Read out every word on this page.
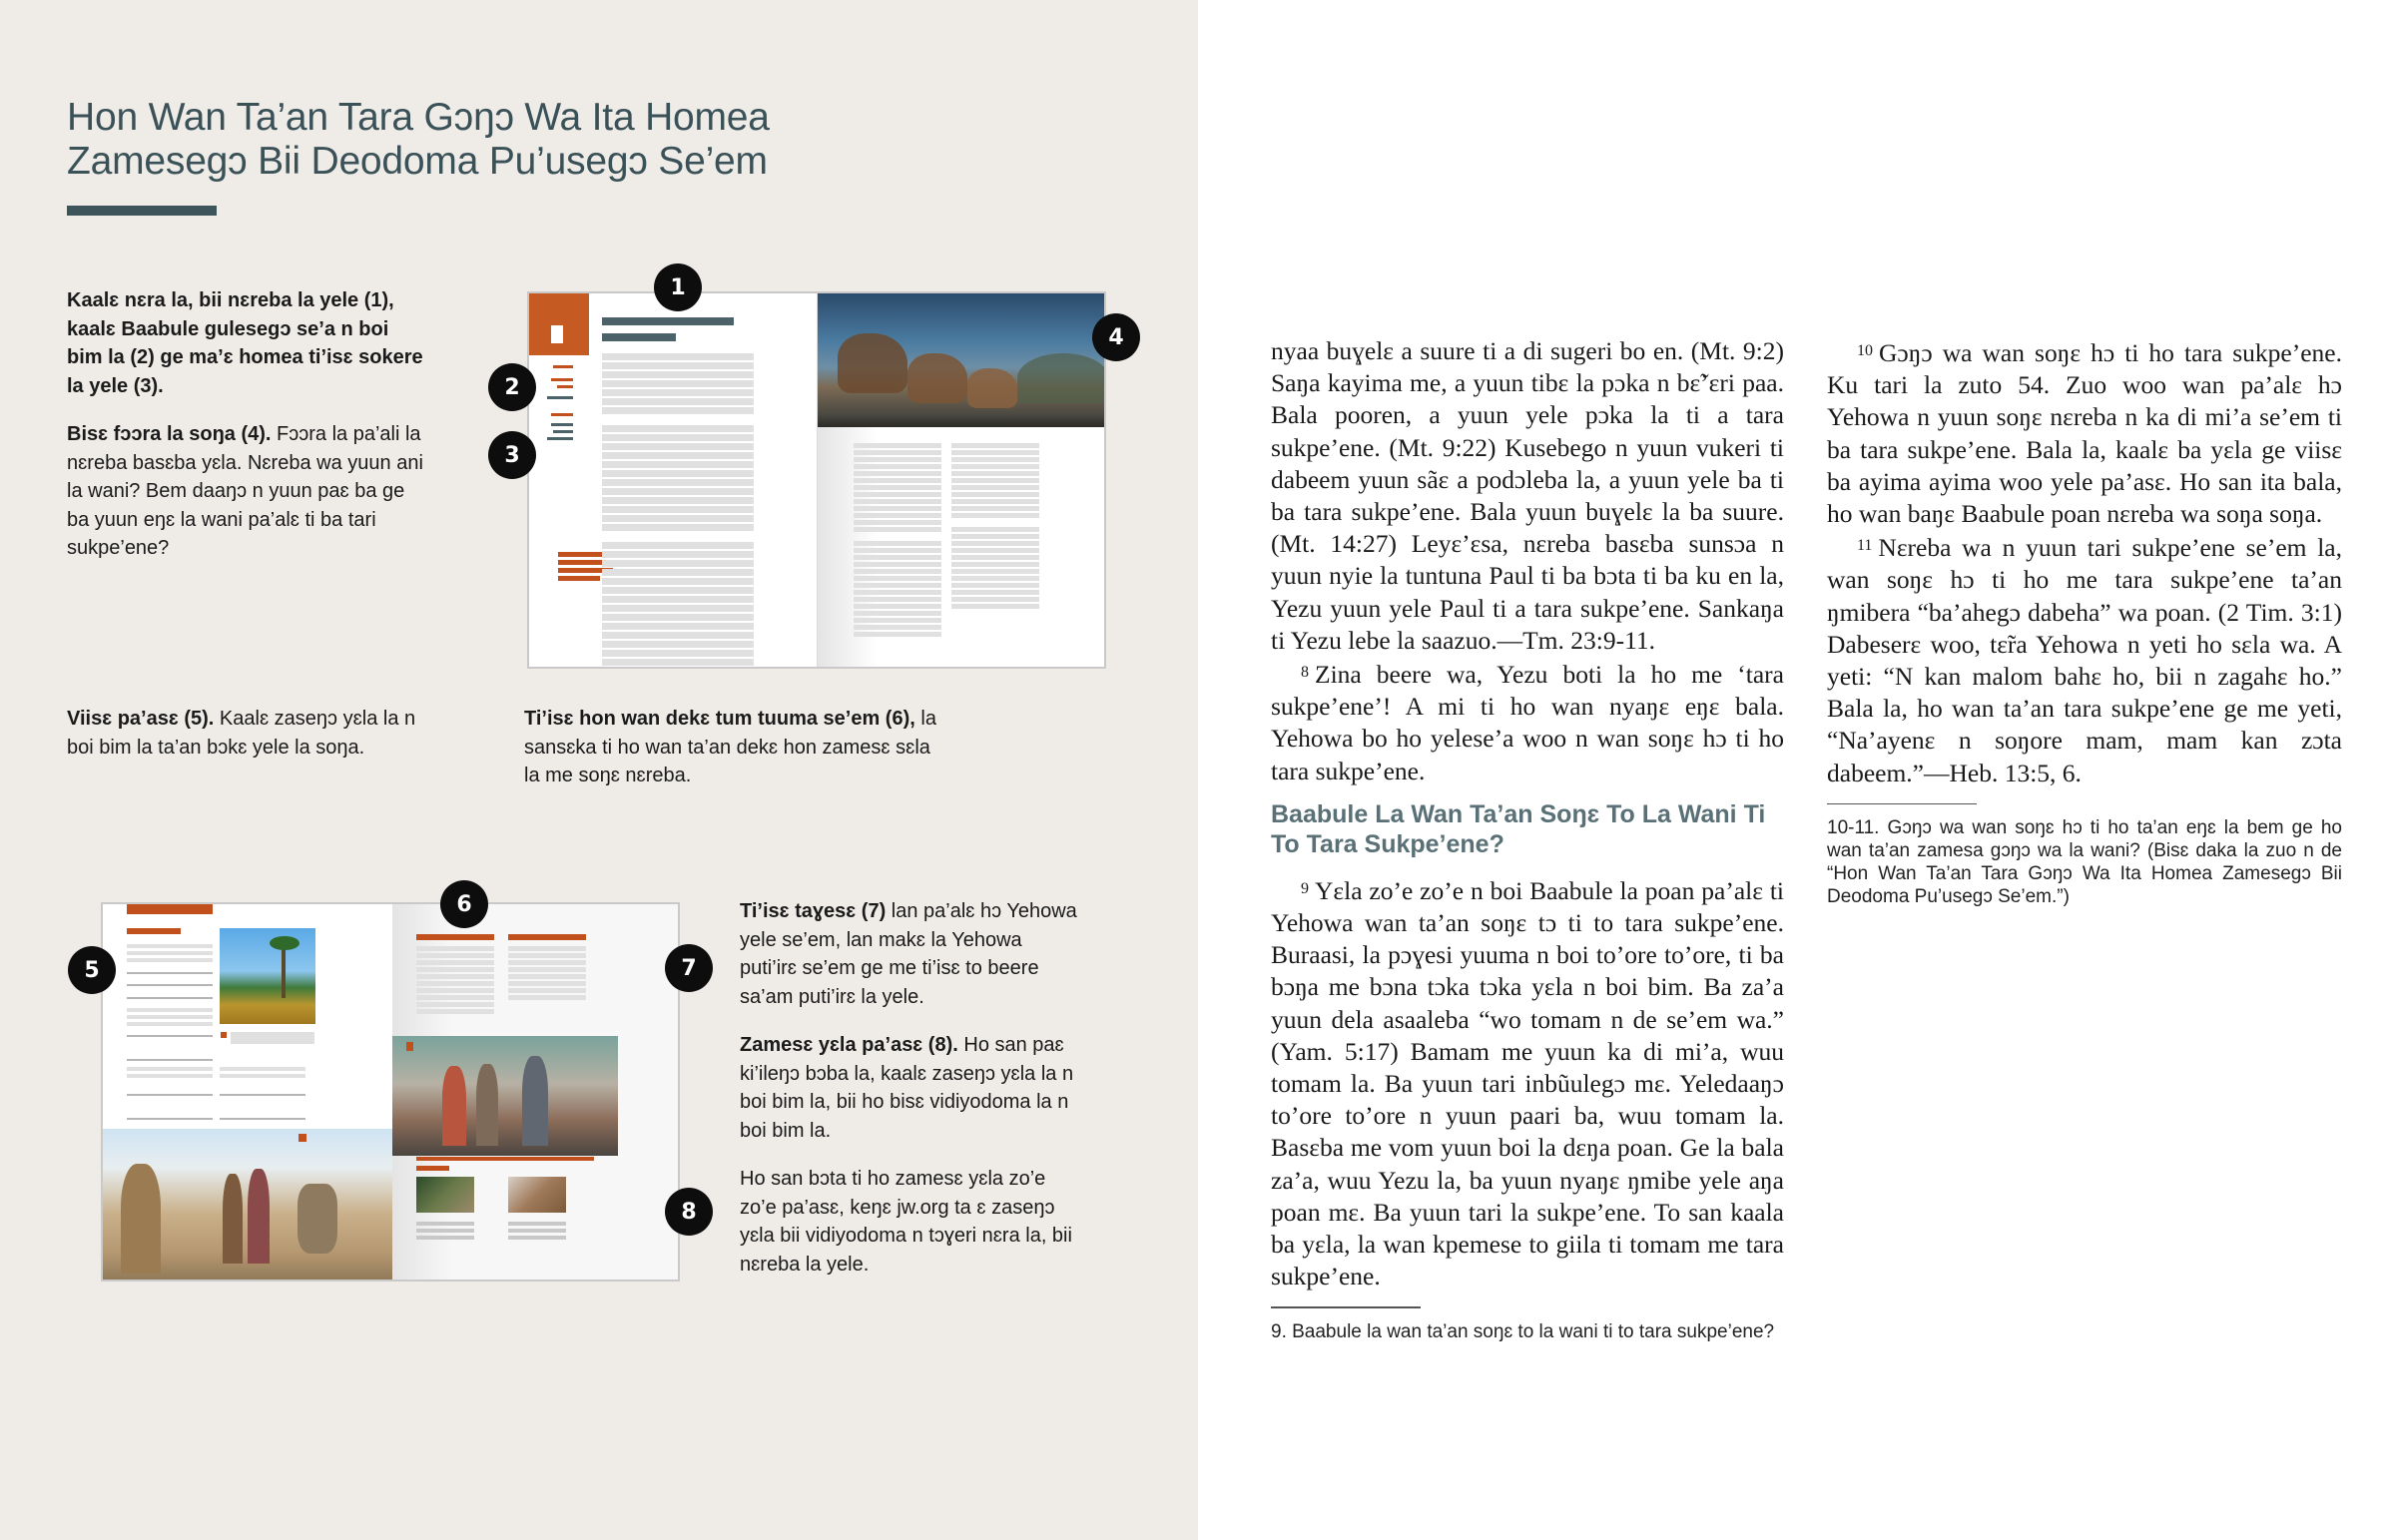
Hon Wan Ta’an Tara Gɔŋɔ Wa Ita Homea
Zamesegɔ Bii Deodoma Pu’usegɔ Se’em

Kaalɛ nɛra la, bii nɛreba la yele (1), kaalɛ Baabule gulesegɔ se’a n boi bim la (2) ge ma’ɛ homea ti’isɛ sokere la yele (3).

Bisɛ fɔɔra la soŋa (4). Fɔɔra la pa’ali la nɛreba basɛba yɛla. Nɛreba wa yuun ani la wani? Bem daaŋɔ n yuun paɛ ba ge ba yuun eŋɛ la wani pa’alɛ ti ba tari sukpe’ene?

1
2
3
4

Viisɛ pa’asɛ (5). Kaalɛ zaseŋɔ yɛla la n boi bim la ta’an bɔkɛ yele la soŋa.

Ti’isɛ hon wan dekɛ tum tuuma se’em (6), la sansɛka ti ho wan ta’an dekɛ hon zamesɛ sɛla la me soŋɛ nɛreba.

5
6
7
8

Ti’isɛ taɣesɛ (7) lan pa’alɛ hɔ Yehowa yele se’em, lan makɛ la Yehowa puti’irɛ se’em ge me ti’isɛ to beere sa’am puti’irɛ la yele.

Zamesɛ yɛla pa’asɛ (8). Ho san paɛ ki’ileŋɔ bɔba la, kaalɛ zaseŋɔ yɛla la n boi bim la, bii ho bisɛ vidiyodoma la n boi bim la.

Ho san bɔta ti ho zamesɛ yɛla zo’e zo’e pa’asɛ, keŋɛ jw.org ta ɛ zaseŋɔ yɛla bii vidiyodoma n tɔɣeri nɛra la, bii nɛreba la yele.

nyaa buɣelɛ a suure ti a di sugeri bo en. (Mt. 9:2) Saŋa kayima me, a yuun tibɛ la pɔka n bɛ̃’ɛri paa. Bala pooren, a yuun yele pɔka la ti a tara sukpe’ene. (Mt. 9:22) Kusebego n yuun vukeri ti dabeem yuun sãɛ a podɔleba la, a yuun yele ba ti ba tara sukpe’ene. Bala yuun buɣelɛ la ba suure. (Mt. 14:27) Leyɛ’ɛsa, nɛreba basɛba sunsɔa n yuun nyie la tuntuna Paul ti ba bɔta ti ba ku en la, Yezu yuun yele Paul ti a tara sukpe’ene. Sankaŋa ti Yezu lebe la saazuo.—Tm. 23:9-11.

$^8$ Zina beere wa, Yezu boti la ho me ‘tara sukpe’ene’! A mi ti ho wan nyaŋɛ eŋɛ bala. Yehowa bo ho yelese’a woo n wan soŋɛ hɔ ti ho tara sukpe’ene.

Baabule La Wan Ta’an Soŋɛ To La Wani Ti To Tara Sukpe’ene?

$^9$ Yɛla zo’e zo’e n boi Baabule la poan pa’alɛ ti Yehowa wan ta’an soŋɛ tɔ ti to tara sukpe’ene. Buraasi, la pɔɣesi yuuma n boi to’ore to’ore, ti ba bɔŋa me bɔna tɔka tɔka yɛla n boi bim. Ba za’a yuun dela asaaleba “wo tomam n de se’em wa.” (Yam. 5:17) Bamam me yuun ka di mi’a, wuu tomam la. Ba yuun tari inbũulegɔ mɛ. Yeledaaŋɔ to’ore to’ore n yuun paari ba, wuu tomam la. Basɛba me vom yuun boi la dɛŋa poan. Ge la bala za’a, wuu Yezu la, ba yuun nyaŋɛ ŋmibe yele aŋa poan mɛ. Ba yuun tari la sukpe’ene. To san kaala ba yɛla, la wan kpemese to giila ti tomam me tara sukpe’ene.

9. Baabule la wan ta’an soŋɛ to la wani ti to tara sukpe’ene?

$^{10}$ Gɔŋɔ wa wan soŋɛ hɔ ti ho tara sukpe’ene. Ku tari la zuto 54. Zuo woo wan pa’alɛ hɔ Yehowa n yuun soŋɛ nɛreba n ka di mi’a se’em ti ba tara sukpe’ene. Bala la, kaalɛ ba yɛla ge viisɛ ba ayima ayima woo yele pa’asɛ. Ho san ita bala, ho wan baŋɛ Baabule poan nɛreba wa soŋa soŋa.

$^{11}$ Nɛreba wa n yuun tari sukpe’ene se’em la, wan soŋɛ hɔ ti ho me tara sukpe’ene ta’an ŋmibera “ba’ahegɔ dabeha” wa poan. (2 Tim. 3:1) Dabeserɛ woo, tɛ̃ra Yehowa n yeti ho sɛla wa. A yeti: “N kan malom bahɛ ho, bii n zagahɛ ho.” Bala la, ho wan ta’an tara sukpe’ene ge me yeti, “Na’ayenɛ n soŋore mam, mam kan zɔta dabeem.”—Heb. 13:5, 6.

10-11. Gɔŋɔ wa wan soŋɛ hɔ ti ho ta’an eŋɛ la bem ge ho wan ta’an zamesa gɔŋɔ wa la wani? (Bisɛ daka la zuo n de “Hon Wan Ta’an Tara Gɔŋɔ Wa Ita Homea Zamesegɔ Bii Deodoma Pu’usegɔ Se’em.”)
